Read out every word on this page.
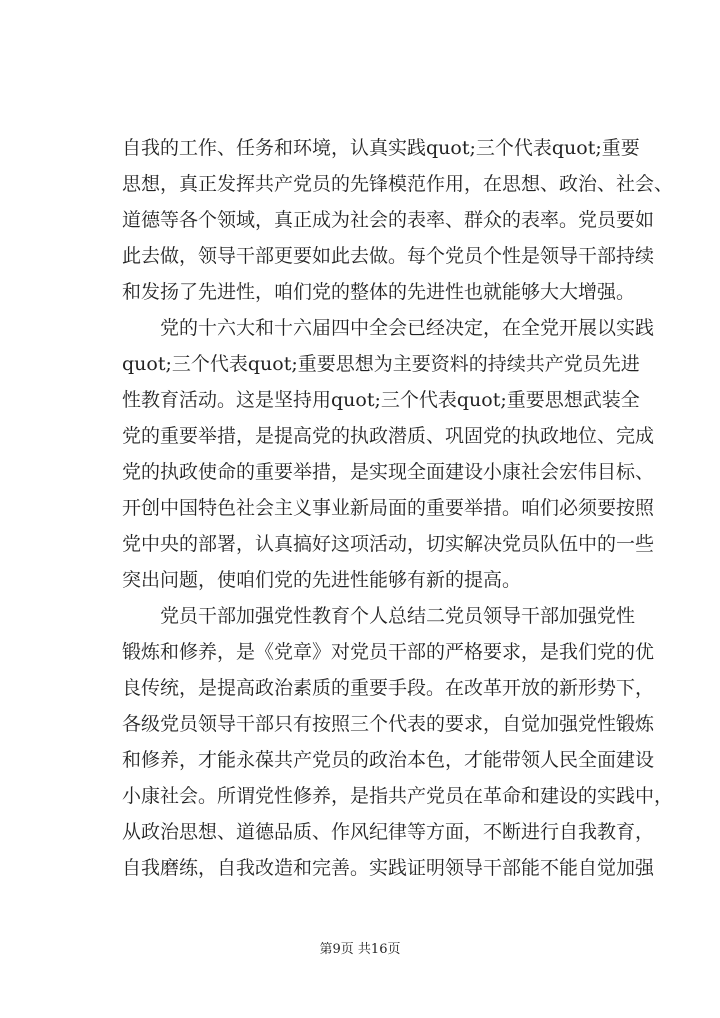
自我的工作、任务和环境，认真实践quot;三个代表quot;重要
思想，真正发挥共产党员的先锋模范作用，在思想、政治、社会、
道德等各个领域，真正成为社会的表率、群众的表率。党员要如
此去做，领导干部更要如此去做。每个党员个性是领导干部持续
和发扬了先进性，咱们党的整体的先进性也就能够大大增强。
党的十六大和十六届四中全会已经决定，在全党开展以实践
quot;三个代表quot;重要思想为主要资料的持续共产党员先进
性教育活动。这是坚持用quot;三个代表quot;重要思想武装全
党的重要举措，是提高党的执政潜质、巩固党的执政地位、完成
党的执政使命的重要举措，是实现全面建设小康社会宏伟目标、
开创中国特色社会主义事业新局面的重要举措。咱们必须要按照
党中央的部署，认真搞好这项活动，切实解决党员队伍中的一些
突出问题，使咱们党的先进性能够有新的提高。
党员干部加强党性教育个人总结二党员领导干部加强党性
锻炼和修养，是《党章》对党员干部的严格要求，是我们党的优
良传统，是提高政治素质的重要手段。在改革开放的新形势下，
各级党员领导干部只有按照三个代表的要求，自觉加强党性锻炼
和修养，才能永葆共产党员的政治本色，才能带领人民全面建设
小康社会。所谓党性修养，是指共产党员在革命和建设的实践中，
从政治思想、道德品质、作风纪律等方面，不断进行自我教育，
自我磨练，自我改造和完善。实践证明领导干部能不能自觉加强
第9页 共16页
